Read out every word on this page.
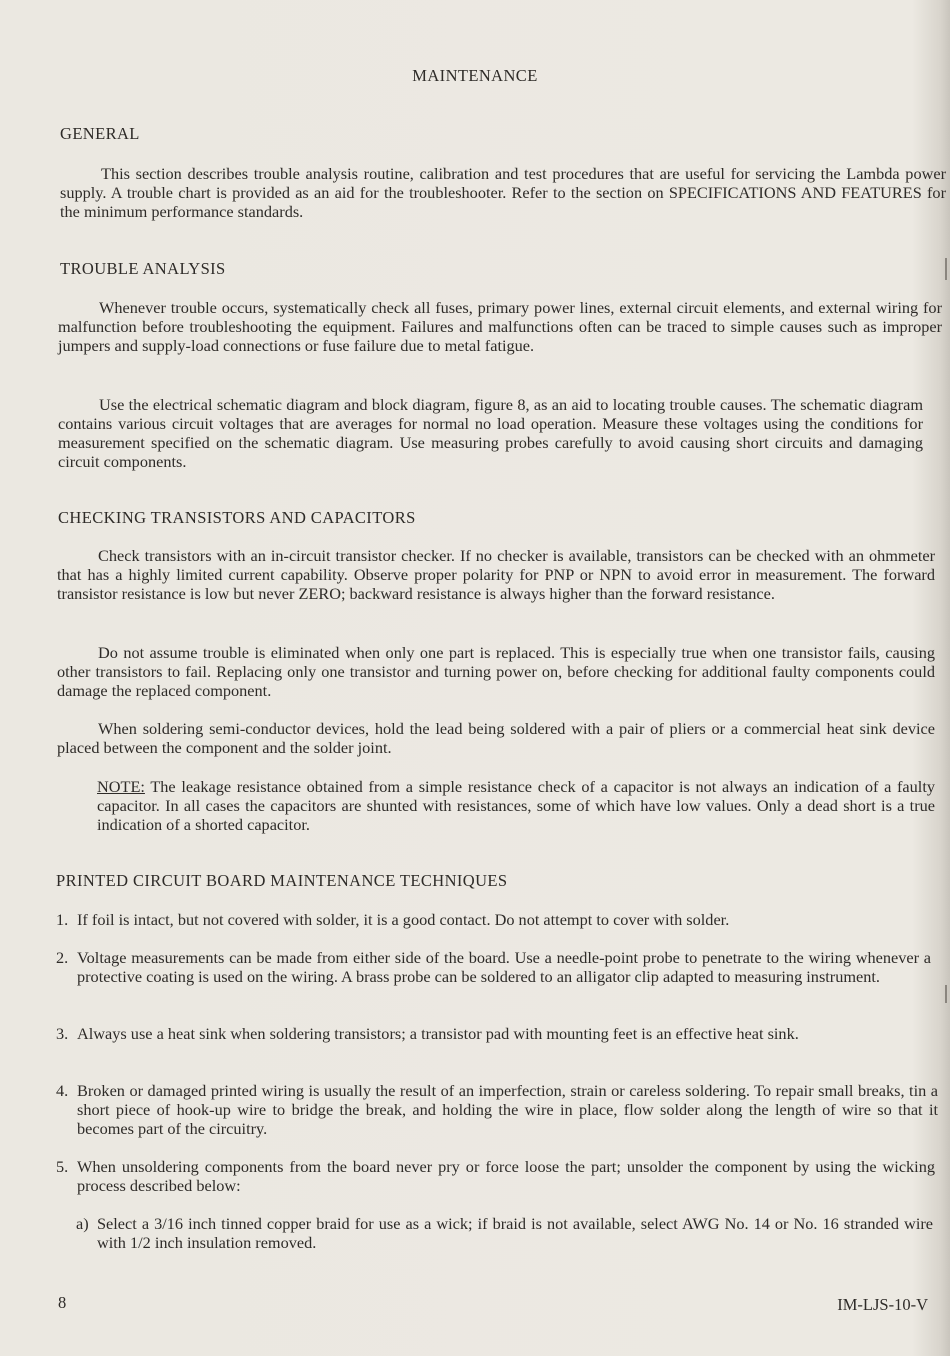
MAINTENANCE
GENERAL
This section describes trouble analysis routine, calibration and test procedures that are useful for servicing the Lambda power supply. A trouble chart is provided as an aid for the troubleshooter. Refer to the section on SPECIFICATIONS AND FEATURES for the minimum performance standards.
TROUBLE ANALYSIS
Whenever trouble occurs, systematically check all fuses, primary power lines, external circuit elements, and external wiring for malfunction before troubleshooting the equipment. Failures and malfunctions often can be traced to simple causes such as improper jumpers and supply-load connections or fuse failure due to metal fatigue.
Use the electrical schematic diagram and block diagram, figure 8, as an aid to locating trouble causes. The schematic diagram contains various circuit voltages that are averages for normal no load operation. Measure these voltages using the conditions for measurement specified on the schematic diagram. Use measuring probes carefully to avoid causing short circuits and damaging circuit components.
CHECKING TRANSISTORS AND CAPACITORS
Check transistors with an in-circuit transistor checker. If no checker is available, transistors can be checked with an ohmmeter that has a highly limited current capability. Observe proper polarity for PNP or NPN to avoid error in measurement. The forward transistor resistance is low but never ZERO; backward resistance is always higher than the forward resistance.
Do not assume trouble is eliminated when only one part is replaced. This is especially true when one transistor fails, causing other transistors to fail. Replacing only one transistor and turning power on, before checking for additional faulty components could damage the replaced component.
When soldering semi-conductor devices, hold the lead being soldered with a pair of pliers or a commercial heat sink device placed between the component and the solder joint.
NOTE: The leakage resistance obtained from a simple resistance check of a capacitor is not always an indication of a faulty capacitor. In all cases the capacitors are shunted with resistances, some of which have low values. Only a dead short is a true indication of a shorted capacitor.
PRINTED CIRCUIT BOARD MAINTENANCE TECHNIQUES
1. If foil is intact, but not covered with solder, it is a good contact. Do not attempt to cover with solder.
2. Voltage measurements can be made from either side of the board. Use a needle-point probe to penetrate to the wiring whenever a protective coating is used on the wiring. A brass probe can be soldered to an alligator clip adapted to measuring instrument.
3. Always use a heat sink when soldering transistors; a transistor pad with mounting feet is an effective heat sink.
4. Broken or damaged printed wiring is usually the result of an imperfection, strain or careless soldering. To repair small breaks, tin a short piece of hook-up wire to bridge the break, and holding the wire in place, flow solder along the length of wire so that it becomes part of the circuitry.
5. When unsoldering components from the board never pry or force loose the part; unsolder the component by using the wicking process described below:
a) Select a 3/16 inch tinned copper braid for use as a wick; if braid is not available, select AWG No. 14 or No. 16 stranded wire with 1/2 inch insulation removed.
8	IM-LJS-10-V
